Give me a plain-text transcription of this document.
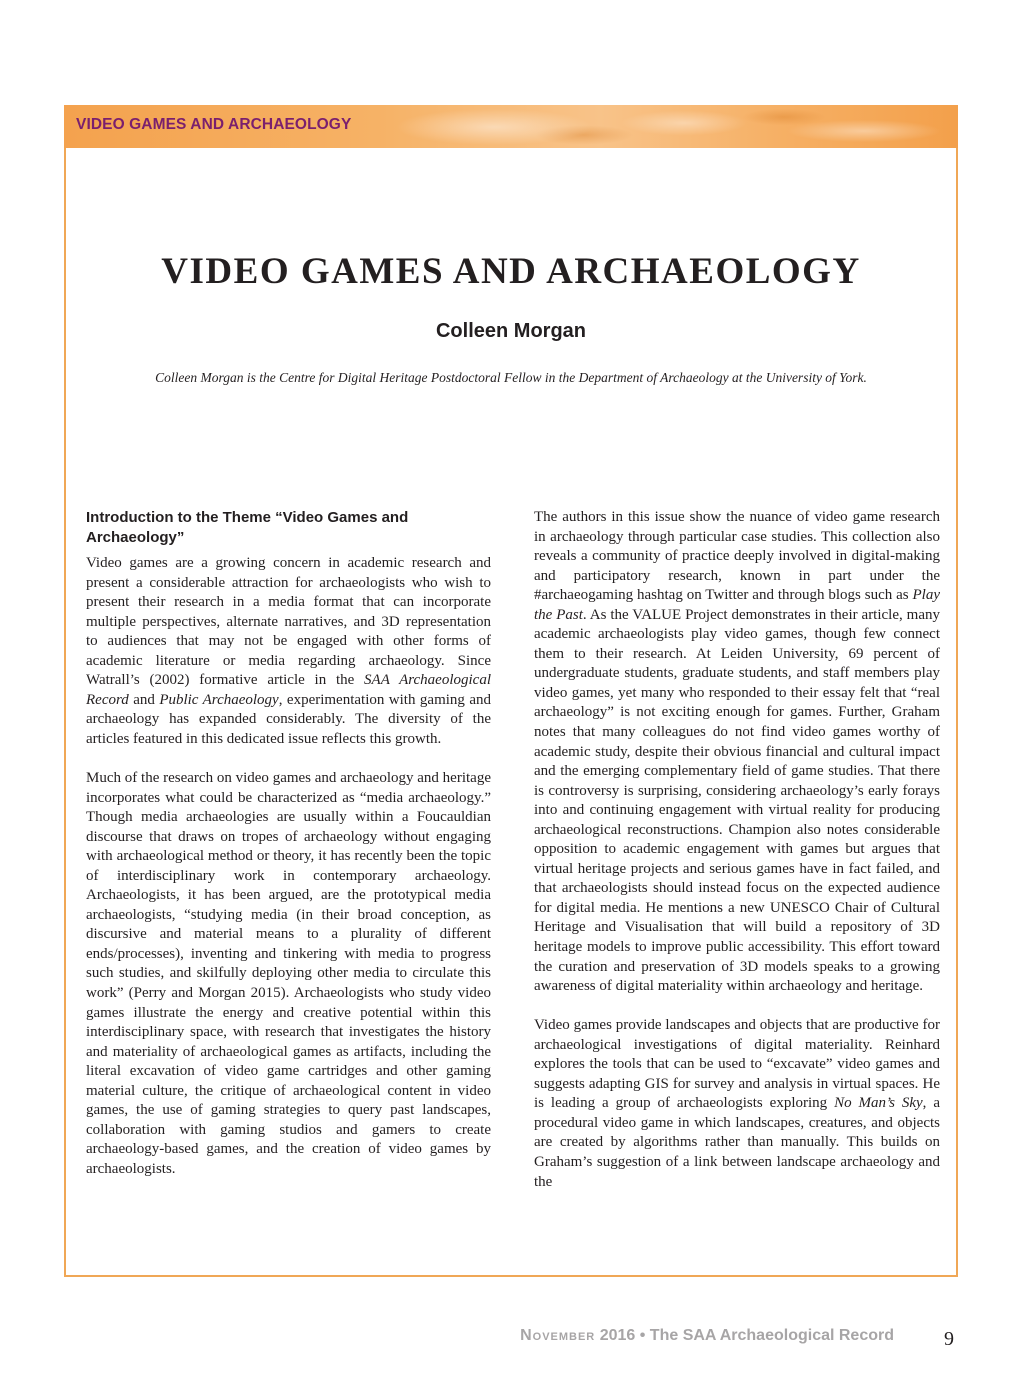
VIDEO GAMES AND ARCHAEOLOGY
VIDEO GAMES AND ARCHAEOLOGY
Colleen Morgan
Colleen Morgan is the Centre for Digital Heritage Postdoctoral Fellow in the Department of Archaeology at the University of York.
Introduction to the Theme “Video Games and Archaeology”

Video games are a growing concern in academic research and present a considerable attraction for archaeologists who wish to present their research in a media format that can incorporate multiple perspectives, alternate narratives, and 3D representation to audiences that may not be engaged with other forms of academic literature or media regarding archaeology. Since Watrall’s (2002) formative article in the SAA Archaeological Record and Public Archaeology, experimentation with gaming and archaeology has expanded considerably. The diversity of the articles featured in this dedicated issue reflects this growth.

Much of the research on video games and archaeology and heritage incorporates what could be characterized as “media archaeology.” Though media archaeologies are usually within a Foucauldian discourse that draws on tropes of archaeology without engaging with archaeological method or theory, it has recently been the topic of interdisciplinary work in contemporary archaeology. Archaeologists, it has been argued, are the prototypical media archaeologists, “studying media (in their broad conception, as discursive and material means to a plurality of different ends/processes), inventing and tinkering with media to progress such studies, and skilfully deploying other media to circulate this work” (Perry and Morgan 2015). Archaeologists who study video games illustrate the energy and creative potential within this interdisciplinary space, with research that investigates the history and materiality of archaeological games as artifacts, including the literal excavation of video game cartridges and other gaming material culture, the critique of archaeological content in video games, the use of gaming strategies to query past landscapes, collaboration with gaming studios and gamers to create archaeology-based games, and the creation of video games by archaeologists.

The authors in this issue show the nuance of video game research in archaeology through particular case studies. This collection also reveals a community of practice deeply involved in digital-making and participatory research, known in part under the #archaeogaming hashtag on Twitter and through blogs such as Play the Past. As the VALUE Project demonstrates in their article, many academic archaeologists play video games, though few connect them to their research. At Leiden University, 69 percent of undergraduate students, graduate students, and staff members play video games, yet many who responded to their essay felt that “real archaeology” is not exciting enough for games. Further, Graham notes that many colleagues do not find video games worthy of academic study, despite their obvious financial and cultural impact and the emerging complementary field of game studies. That there is controversy is surprising, considering archaeology’s early forays into and continuing engagement with virtual reality for producing archaeological reconstructions. Champion also notes considerable opposition to academic engagement with games but argues that virtual heritage projects and serious games have in fact failed, and that archaeologists should instead focus on the expected audience for digital media. He mentions a new UNESCO Chair of Cultural Heritage and Visualisation that will build a repository of 3D heritage models to improve public accessibility. This effort toward the curation and preservation of 3D models speaks to a growing awareness of digital materiality within archaeology and heritage.

Video games provide landscapes and objects that are productive for archaeological investigations of digital materiality. Reinhard explores the tools that can be used to “excavate” video games and suggests adapting GIS for survey and analysis in virtual spaces. He is leading a group of archaeologists exploring No Man’s Sky, a procedural video game in which landscapes, creatures, and objects are created by algorithms rather than manually. This builds on Graham’s suggestion of a link between landscape archaeology and the

November 2016 • The SAA Archaeological Record	9
